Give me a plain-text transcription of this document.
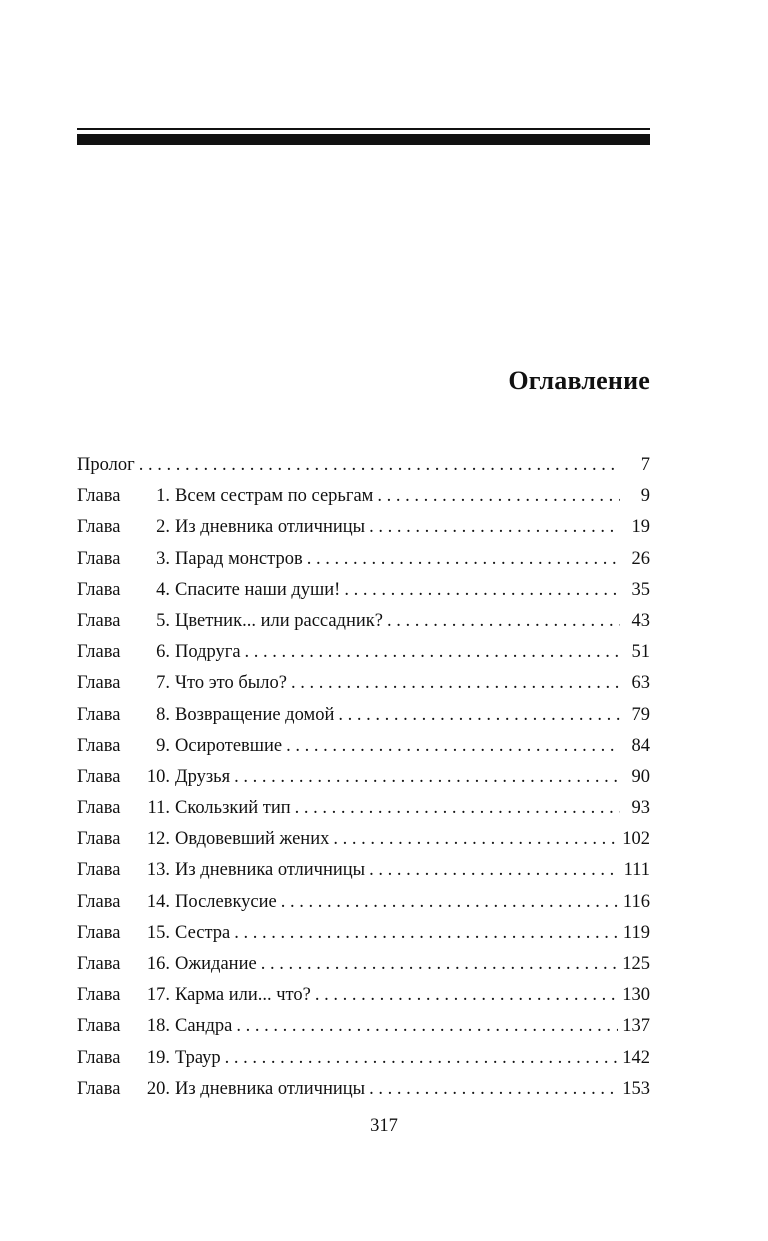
Оглавление
Пролог . . .	7
Глава	1. Всем сестрам по серьгам . . .	9
Глава	2. Из дневника отличницы . . .	19
Глава	3. Парад монстров . . .	26
Глава	4. Спасите наши души! . . .	35
Глава	5. Цветник... или рассадник? . . .	43
Глава	6. Подруга . . .	51
Глава	7. Что это было? . . .	63
Глава	8. Возвращение домой . . .	79
Глава	9. Осиротевшие . . .	84
Глава	10. Друзья . . .	90
Глава	11. Скользкий тип . . .	93
Глава	12. Овдовевший жених . . .	102
Глава	13. Из дневника отличницы . . .	111
Глава	14. Послевкусие . . .	116
Глава	15. Сестра . . .	119
Глава	16. Ожидание . . .	125
Глава	17. Карма или... что? . . .	130
Глава	18. Сандра . . .	137
Глава	19. Траур . . .	142
Глава	20. Из дневника отличницы . . .	153
317
